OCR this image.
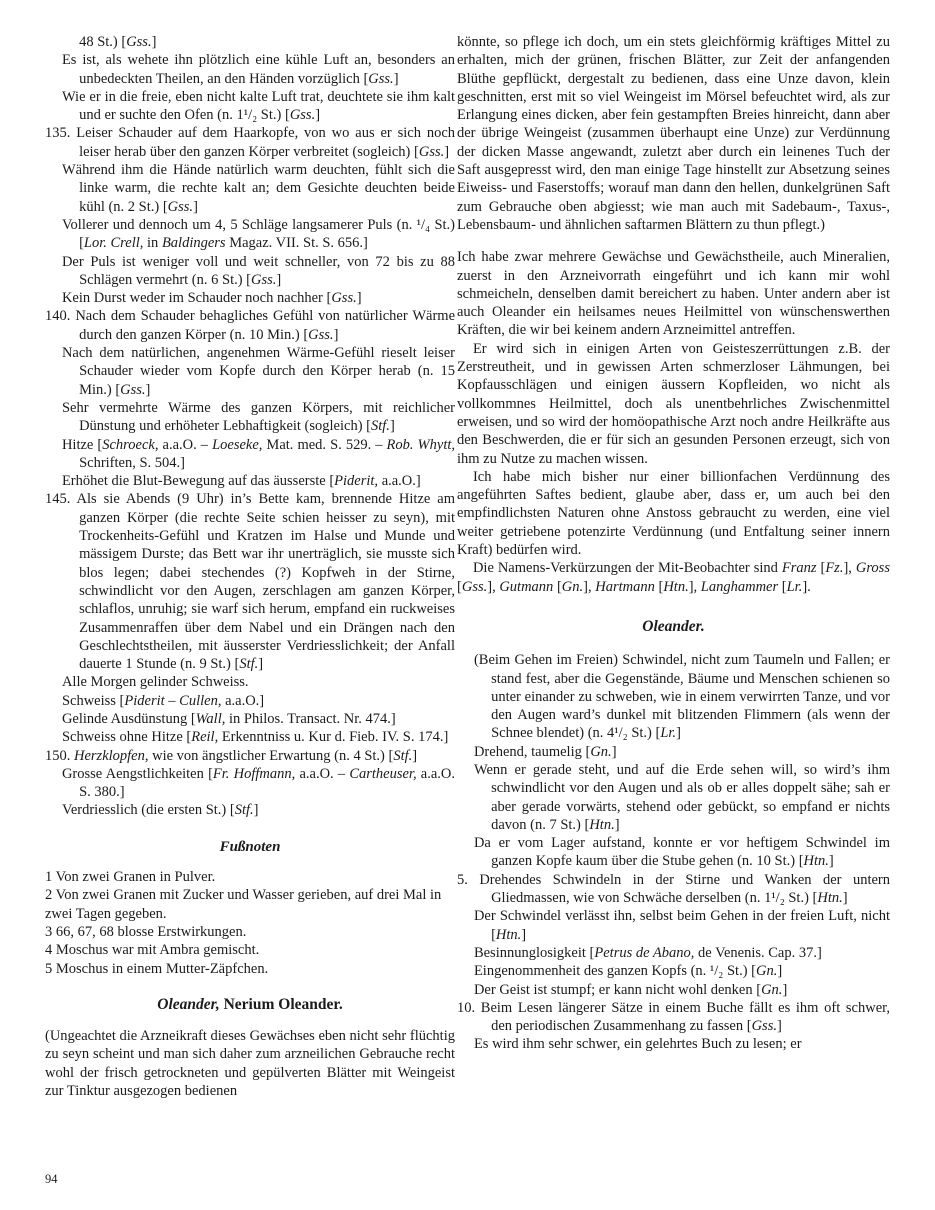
48 St.) [Gss.]

Es ist, als wehete ihn plötzlich eine kühle Luft an, besonders an unbedeckten Theilen, an den Händen vorzüglich [Gss.]

Wie er in die freie, eben nicht kalte Luft trat, deuchtete sie ihm kalt und er suchte den Ofen (n. 1¹/₂ St.) [Gss.]

135. Leiser Schauder auf dem Haarkopfe, von wo aus er sich noch leiser herab über den ganzen Körper verbreitet (sogleich) [Gss.]

Während ihm die Hände natürlich warm deuchten, fühlt sich die linke warm, die rechte kalt an; dem Gesichte deuchten beide kühl (n. 2 St.) [Gss.]

Vollerer und dennoch um 4, 5 Schläge langsamerer Puls (n. ¹/₄ St.) [Lor. Crell, in Baldingers Magaz. VII. St. S. 656.]

Der Puls ist weniger voll und weit schneller, von 72 bis zu 88 Schlägen vermehrt (n. 6 St.) [Gss.]

Kein Durst weder im Schauder noch nachher [Gss.]

140. Nach dem Schauder behagliches Gefühl von natürlicher Wärme durch den ganzen Körper (n. 10 Min.) [Gss.]

Nach dem natürlichen, angenehmen Wärme-Gefühl rieselt leiser Schauder wieder vom Kopfe durch den Körper herab (n. 15 Min.) [Gss.]

Sehr vermehrte Wärme des ganzen Körpers, mit reichlicher Dünstung und erhöheter Lebhaftigkeit (sogleich) [Stf.]

Hitze [Schroeck, a.a.O. – Loeseke, Mat. med. S. 529. – Rob. Whytt, Schriften, S. 504.]

Erhöhet die Blut-Bewegung auf das äusserste [Piderit, a.a.O.]

145. Als sie Abends (9 Uhr) in’s Bette kam, brennende Hitze am ganzen Körper (die rechte Seite schien heisser zu seyn), mit Trockenheits-Gefühl und Kratzen im Halse und Munde und mässigem Durste; das Bett war ihr unerträglich, sie musste sich blos legen; dabei stechendes (?) Kopfweh in der Stirne, schwindlicht vor den Augen, zerschlagen am ganzen Körper, schlaflos, unruhig; sie warf sich herum, empfand ein ruckweises Zusammenraffen über dem Nabel und ein Drängen nach den Geschlechtstheilen, mit äusserster Verdriesslichkeit; der Anfall dauerte 1 Stunde (n. 9 St.) [Stf.]

Alle Morgen gelinder Schweiss.

Schweiss [Piderit – Cullen, a.a.O.]

Gelinde Ausdünstung [Wall, in Philos. Transact. Nr. 474.]

Schweiss ohne Hitze [Reil, Erkenntniss u. Kur d. Fieb. IV. S. 174.]

150. Herzklopfen, wie von ängstlicher Erwartung (n. 4 St.) [Stf.]

Grosse Aengstlichkeiten [Fr. Hoffmann, a.a.O. – Cartheuser, a.a.O. S. 380.]

Verdriesslich (die ersten St.) [Stf.]

Fußnoten

1 Von zwei Granen in Pulver.

2 Von zwei Granen mit Zucker und Wasser gerieben, auf drei Mal in zwei Tagen gegeben.

3 66, 67, 68 blosse Erstwirkungen.

4 Moschus war mit Ambra gemischt.

5 Moschus in einem Mutter-Zäpfchen.

Oleander, Nerium Oleander.

(Ungeachtet die Arzneikraft dieses Gewächses eben nicht sehr flüchtig zu seyn scheint und man sich daher zum arzneilichen Gebrauche recht wohl der frisch getrockneten und gepülverten Blätter mit Weingeist zur Tinktur ausgezogen bedienen

könnte, so pflege ich doch, um ein stets gleichförmig kräftiges Mittel zu erhalten, mich der grünen, frischen Blätter, zur Zeit der anfangenden Blüthe gepflückt, dergestalt zu bedienen, dass eine Unze davon, klein geschnitten, erst mit so viel Weingeist im Mörsel befeuchtet wird, als zur Erlangung eines dicken, aber fein gestampften Breies hinreicht, dann aber der übrige Weingeist (zusammen überhaupt eine Unze) zur Verdünnung der dicken Masse angewandt, zuletzt aber durch ein leinenes Tuch der Saft ausgepresst wird, den man einige Tage hinstellt zur Absetzung seines Eiweiss- und Faserstoffs; worauf man dann den hellen, dunkelgrünen Saft zum Gebrauche oben abgiesst; wie man auch mit Sadebaum-, Taxus-, Lebensbaum- und ähnlichen saftarmen Blättern zu thun pflegt.)

Ich habe zwar mehrere Gewächse und Gewächstheile, auch Mineralien, zuerst in den Arzneivorrath eingeführt und ich kann mir wohl schmeicheln, denselben damit bereichert zu haben. Unter andern aber ist auch Oleander ein heilsames neues Heilmittel von wünschenswerthen Kräften, die wir bei keinem andern Arzneimittel antreffen.

Er wird sich in einigen Arten von Geisteszerrüttungen z.B. der Zerstreutheit, und in gewissen Arten schmerzloser Lähmungen, bei Kopfausschlägen und einigen äussern Kopfleiden, wo nicht als vollkommnes Heilmittel, doch als unentbehrliches Zwischenmittel erweisen, und so wird der homöopathische Arzt noch andre Heilkräfte aus den Beschwerden, die er für sich an gesunden Personen erzeugt, sich von ihm zu Nutze zu machen wissen.

Ich habe mich bisher nur einer billionfachen Verdünnung des angeführten Saftes bedient, glaube aber, dass er, um auch bei den empfindlichsten Naturen ohne Anstoss gebraucht zu werden, eine viel weiter getriebene potenzirte Verdünnung (und Entfaltung seiner innern Kraft) bedürfen wird.

Die Namens-Verkürzungen der Mit-Beobachter sind Franz [Fz.], Gross [Gss.], Gutmann [Gn.], Hartmann [Htn.], Langhammer [Lr.].

Oleander.

(Beim Gehen im Freien) Schwindel, nicht zum Taumeln und Fallen; er stand fest, aber die Gegenstände, Bäume und Menschen schienen so unter einander zu schweben, wie in einem verwirrten Tanze, und vor den Augen ward’s dunkel mit blitzenden Flimmern (als wenn der Schnee blendet) (n. 4¹/₂ St.) [Lr.]

Drehend, taumelig [Gn.]

Wenn er gerade steht, und auf die Erde sehen will, so wird’s ihm schwindlicht vor den Augen und als ob er alles doppelt sähe; sah er aber gerade vorwärts, stehend oder gebückt, so empfand er nichts davon (n. 7 St.) [Htn.]

Da er vom Lager aufstand, konnte er vor heftigem Schwindel im ganzen Kopfe kaum über die Stube gehen (n. 10 St.) [Htn.]

5. Drehendes Schwindeln in der Stirne und Wanken der untern Gliedmassen, wie von Schwäche derselben (n. 1¹/₂ St.) [Htn.]

Der Schwindel verlässt ihn, selbst beim Gehen in der freien Luft, nicht [Htn.]

Besinnunglosigkeit [Petrus de Abano, de Venenis. Cap. 37.]

Eingenommenheit des ganzen Kopfs (n. ¹/₂ St.) [Gn.]

Der Geist ist stumpf; er kann nicht wohl denken [Gn.]

10. Beim Lesen längerer Sätze in einem Buche fällt es ihm oft schwer, den periodischen Zusammenhang zu fassen [Gss.]

Es wird ihm sehr schwer, ein gelehrtes Buch zu lesen; er

94
